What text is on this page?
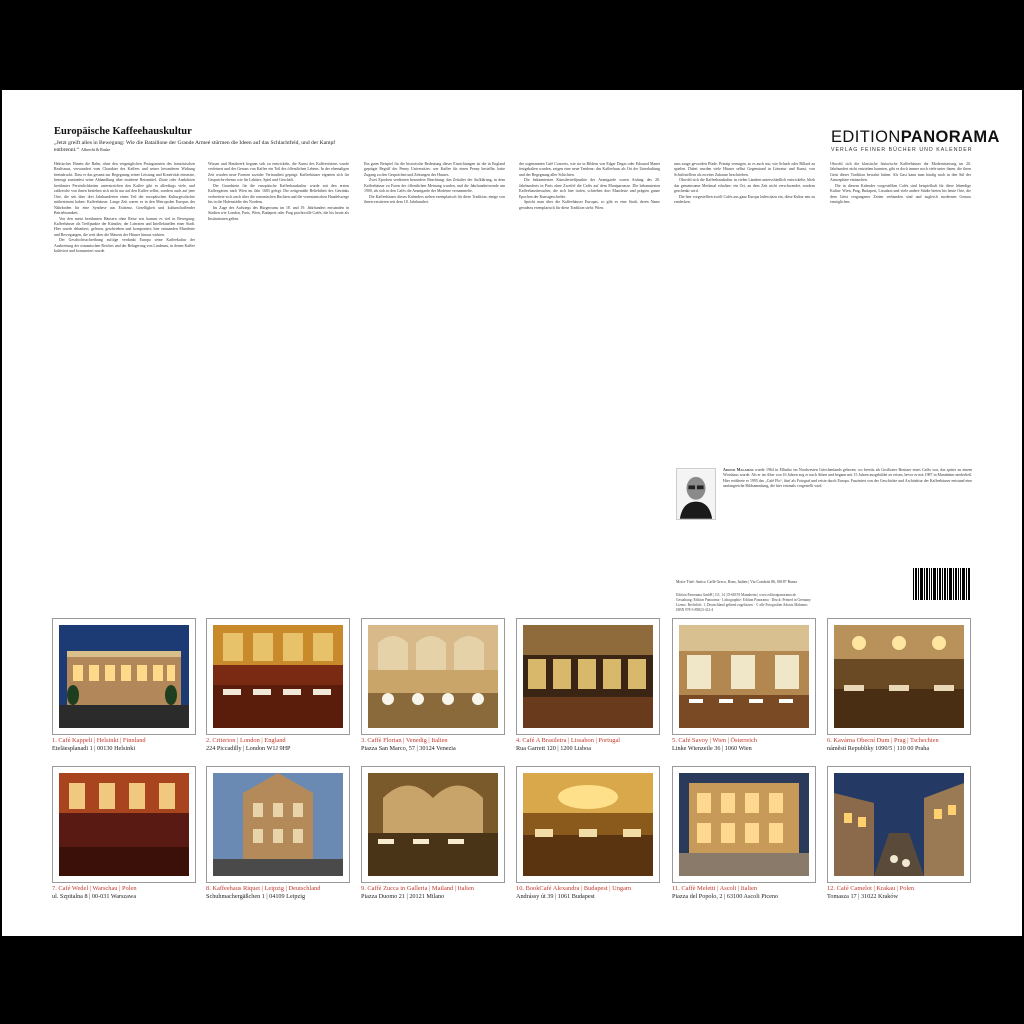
Europäische Kaffeehauskultur
„Jetzt greift alles in Bewegung: Wie die Bataillone der Grande Armeé stürmen die Ideen auf das Schlachtfeld, und der Kampf entbrennt.“ Albrecht & Ruske
EDITIONPANORAMA
VERLAG FEINER BÜCHER UND KALENDER
Hektisches Hinein die Bahn, ohne den vergnüglichen Protagonisten des französischen Realismus, verwundert vom Charakter des Kaffees und seiner besonderen Wirkung beeindruckt. Dass er das gesamt zur Begegnung seiner Leistung und Kreativität einsetzte, bezeugt zumindest seine Abhandlung über moderne Reizmittel. Zitate oder Anekdoten berühmter Persönlichkeiten unterstreichen den Kaffee gibt es allerdings viele, und zahlreiche von ihnen beziehen sich nicht nur auf den Kaffee selbst, sondern auch auf jene Orte, die seit über drei Jahrhunderten einen Teil der europäischen Kulturgeschichte mitbestimmt haben: Kaffeehäuser. Lange Zeit waren es in den Metropolen Europas der Nährboden für eine Synthese aus Existenz, Geselligkeit und kulturschaffender Betriebsamkeit.
Von den meist berühmten Häusern ohne Reise erst kommt es viel in Bewegung: Kaffeehäuser als Treffpunkte der Künstler, der Literaten und Intellektuellen einer Stadt. Hier wurde debattiert, gelesen, geschrieben und komponiert; hier entstanden Manifeste und Bewegungen, die weit über die Mauern der Häuser hinaus wirkten.
Der Geschichtsschreibung zufolge verdankt Europa seine Kaffeekultur der Ausbreitung der osmanischen Reiches und der Belagerung von Lindenau, in denen Kaffee kultiviert und konsumiert wurde.
Wissen und Handwerk begann sich zu entwickeln, die Kunst des Kaffeeröstens wurde verfeinert und der Genuss von Kaffee ein Teil des öffentlichen Lebens. In der ehemaligen Zeit wurden neue Formen sozialer Vertrautheit geprägt: Kaffeehäuser eigneten sich für Gespräche ebenso wie für Lektüre, Spiel und Geschäft.
Der Grundstein für die europäische Kaffeehauskultur wurde mit den ersten Kaffeegärten nach Wien im Jahr 1683 gelegt. Die zeitgemäße Beliebtheit des Getränks verbreitete sich rasch über die romanischen Buchten und die venezianischen Handelswege bis in die Hafenstädte des Nordens.
Im Zuge des Aufstiegs des Bürgertums im 18. und 19. Jahrhundert entstanden in Städten wie London, Paris, Wien, Budapest oder Prag prachtvolle Cafés, die bis heute als Institutionen gelten.
Ein gutes Beispiel für die historische Bedeutung dieser Einrichtungen ist die in England geprägte Begriff der Penny Universities: wer Kaffee für einen Penny bestellte, hatte Zugang zu den Gesprächen und Zeitungen des Hauses.
Zwei Epochen verdienen besondere Beachtung: das Zeitalter der Aufklärung, in dem Kaffeehäuser zu Foren der öffentlichen Meinung wurden, und die Jahrhundertwende um 1900, als sich in den Cafés die Avantgarde der Moderne versammelte.
Die Kaffeehäuser dieses Kalenders stehen exemplarisch für diese Tradition; einige von ihnen existieren seit dem 18. Jahrhundert.
der sogenannten Café Concerts, wie sie in Bildern von Edgar Degas oder Edouard Manet festgehalten wurden, zeigen eine neue Tendenz: das Kaffeehaus als Ort der Unterhaltung und der Begegnung aller Schichten.
Die bekanntesten Künstlertreffpunkte der Avantgarde waren Anfang des 20. Jahrhunderts in Paris ohne Zweifel die Cafés auf dem Montparnasse. Die bekanntesten Kaffeehausbesucher, die sich hier trafen, schrieben dort Manifeste und prägten ganze Epochen der Kunstgeschichte.
Spricht man über die Kaffeehäuser Europas, so gibt es eine Stadt, deren Name geradezu exemplarisch für diese Tradition steht: Wien.
ums sauge geworden Pfade. Prinzip vernagen, so es auch nur, wie Schach oder Billard zu spielen. Dabei wurden viele Häuser selbst Gegenstand in Literatur und Kunst, von Schriftstellern als zweites Zuhause beschrieben.
Obwohl sich die Kaffeehauskultur in vielen Ländern unterschiedlich entwickelte, blieb das gemeinsame Merkmal erhalten: ein Ort, an dem Zeit nicht verschwendet, sondern geschenkt wird.
Die hier vorgestellten zwölf Cafés aus ganz Europa laden dazu ein, diese Kultur neu zu entdecken.
Obwohl sich die klassische historische Kaffeehäuser der Modernisierung im 20. Jahrhundert nicht entziehen konnten, gibt es doch immer noch viele unter ihnen, die ihren Geist dieser Tradition bewahrt haben. Als Gast kann man häufig noch in den Stil der Atmosphäre eintauchen.
Die in diesem Kalender vorgestellten Cafés sind beispielhaft für diese lebendige Kultur: Wien, Prag, Budapest, Lissabon und viele andere Städte bieten bis heute Orte, die dem Geist vergangener Zeiten verbunden sind und zugleich modernen Genuss ermöglichen.
Adonis Malamos wurde 1964 in Elliniko im Nordwesten Griechenlands geboren; wo bereits als Großvater Besitzer eines Cafés war, das später zu einem Wirtshaus wurde. Als er im Alter von 16 Jahren zog er nach Athen und begann mit 15 Jahren ausgebildet zu reisen, bevor er mit 1987 in Mannheim niederließ. Hier eröffnete er 1995 das „Café Flo“, fünf als Fotograf und reiste durch Europa. Fasziniert von der Geschichte und Architektur der Kaffeehäuser entstand eine umfangreiche Bildsammlung, die hier erstmals vorgestellt wird.
Motiv Titel: Antico Caffè Greco, Rom, Italien | Via Condotti 86, 00187 Roma
Edition Panorama GmbH | G5, 14 | D-68159 Mannheim | www.editionpanorama.de
Gestaltung: Edition Panorama · Lithographie: Edition Panorama · Druck: Printed in Germany
Lizenz, Rechtlich: 1. Deutschland geltend zugelassen · © alle Fotografien Adonis Malamos
ISBN 978-3-89823-412-4
1. Café Kappeli | Helsinki | Finnland
Eteläesplanadi 1 | 00130 Helsinki
2. Criterion | London | England
224 Piccadilly | London W1J 9HP
3. Caffè Florian | Venedig | Italien
Piazza San Marco, 57 | 30124 Venezia
4. Café A Brasileira | Lissabon | Portugal
Rua Garrett 120 | 1200 Lisboa
5. Café Savoy | Wien | Österreich
Linke Wienzeile 36 | 1060 Wien
6. Kavárna Obecní Dum | Prag | Tschechien
náměstí Republiky 1090/5 | 110 00 Praha
7. Café Wedel | Warschau | Polen
ul. Szpitalna 8 | 00-031 Warszawa
8. Kaffeehaus Riquet | Leipzig | Deutschland
Schuhmachergäßchen 1 | 04109 Leipzig
9. Caffè Zucca in Galleria | Mailand | Italien
Piazza Duomo 21 | 20121 Milano
10. BookCafé Alexandra | Budapest | Ungarn
Andrássy út 39 | 1061 Budapest
11. Caffè Meletti | Ascoli | Italien
Piazza del Popolo, 2 | 63100 Ascoli Piceno
12. Café Camelot | Krakau | Polen
Tomasza 17 | 31022 Kraków
